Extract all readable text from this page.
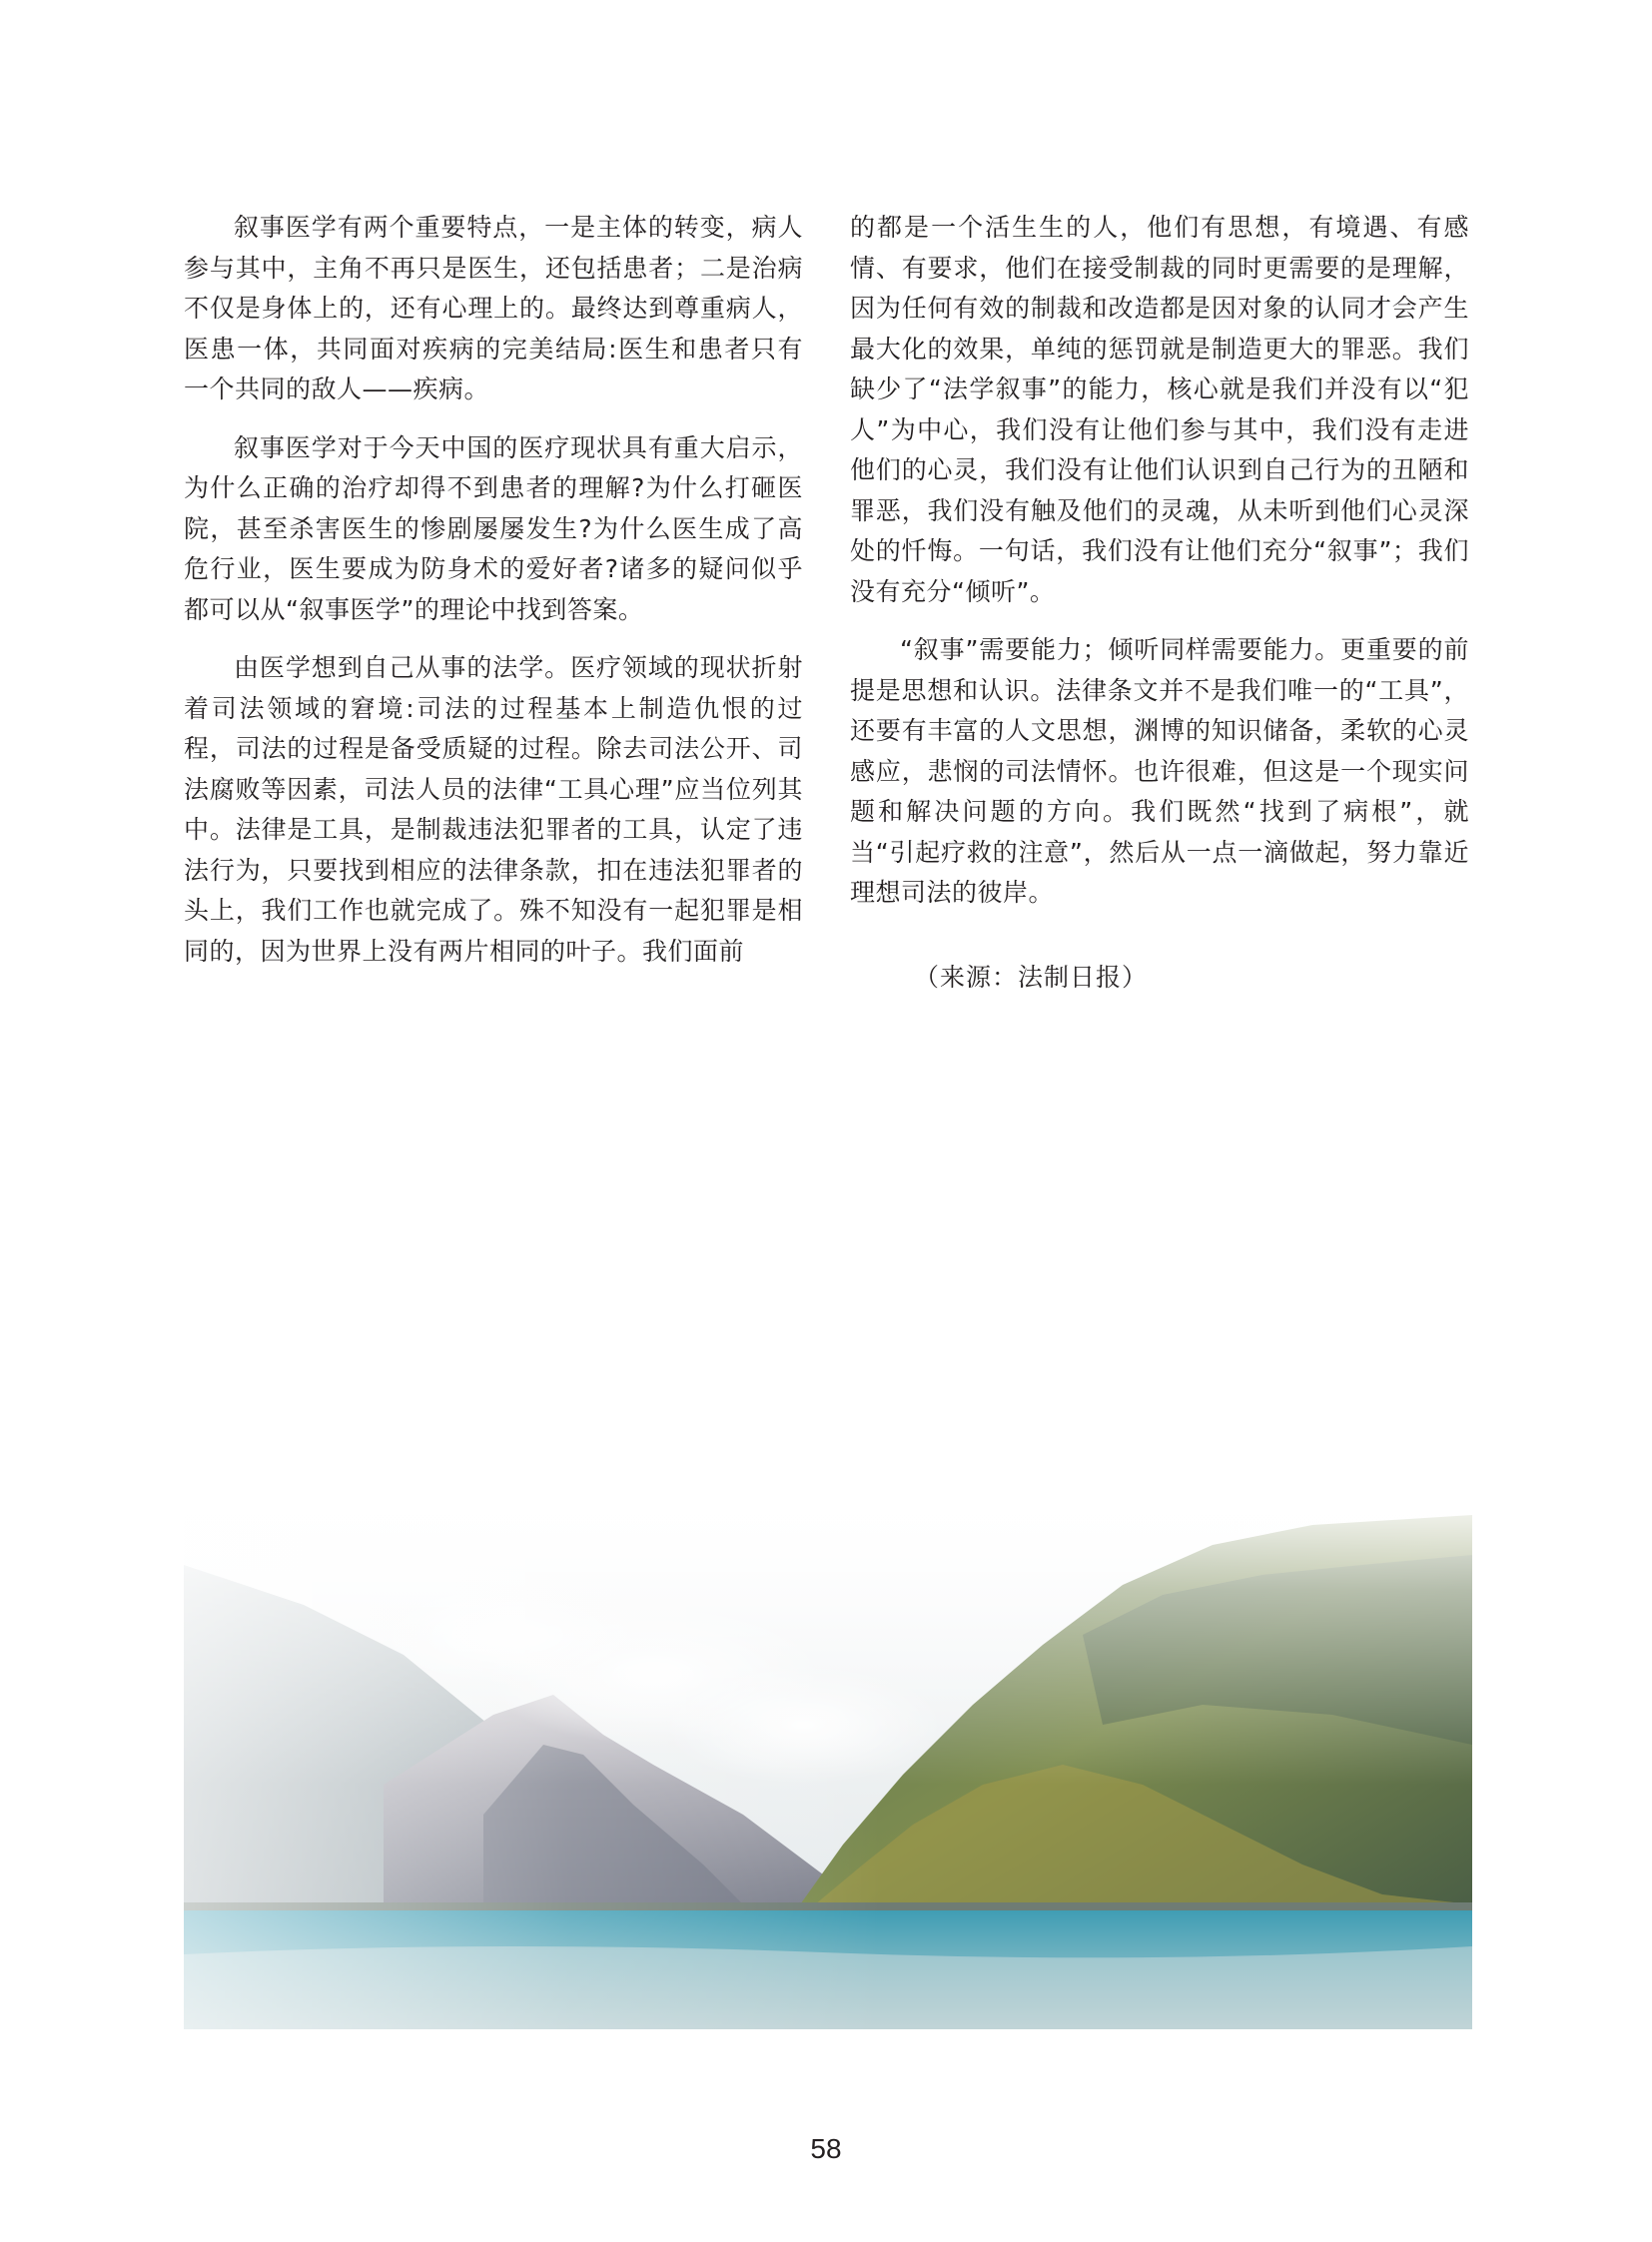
叙事医学有两个重要特点，一是主体的转变，病人参与其中，主角不再只是医生，还包括患者；二是治病不仅是身体上的，还有心理上的。最终达到尊重病人，医患一体，共同面对疾病的完美结局:医生和患者只有一个共同的敌人——疾病。

叙事医学对于今天中国的医疗现状具有重大启示，为什么正确的治疗却得不到患者的理解?为什么打砸医院，甚至杀害医生的惨剧屡屡发生?为什么医生成了高危行业，医生要成为防身术的爱好者?诸多的疑问似乎都可以从“叙事医学”的理论中找到答案。

由医学想到自己从事的法学。医疗领域的现状折射着司法领域的窘境:司法的过程基本上制造仇恨的过程，司法的过程是备受质疑的过程。除去司法公开、司法腐败等因素，司法人员的法律“工具心理”应当位列其中。法律是工具，是制裁违法犯罪者的工具，认定了违法行为，只要找到相应的法律条款，扣在违法犯罪者的头上，我们工作也就完成了。殊不知没有一起犯罪是相同的，因为世界上没有两片相同的叶子。我们面前

的都是一个活生生的人，他们有思想，有境遇、有感情、有要求，他们在接受制裁的同时更需要的是理解，因为任何有效的制裁和改造都是因对象的认同才会产生最大化的效果，单纯的惩罚就是制造更大的罪恶。我们缺少了“法学叙事”的能力，核心就是我们并没有以“犯人”为中心，我们没有让他们参与其中，我们没有走进他们的心灵，我们没有让他们认识到自己行为的丑陋和罪恶，我们没有触及他们的灵魂，从未听到他们心灵深处的忏悔。一句话，我们没有让他们充分“叙事”；我们没有充分“倾听”。

“叙事”需要能力；倾听同样需要能力。更重要的前提是思想和认识。法律条文并不是我们唯一的“工具”，还要有丰富的人文思想，渊博的知识储备，柔软的心灵感应，悲悯的司法情怀。也许很难，但这是一个现实问题和解决问题的方向。我们既然“找到了病根”，就当“引起疗救的注意”，然后从一点一滴做起，努力靠近理想司法的彼岸。

（来源：法制日报）
58
